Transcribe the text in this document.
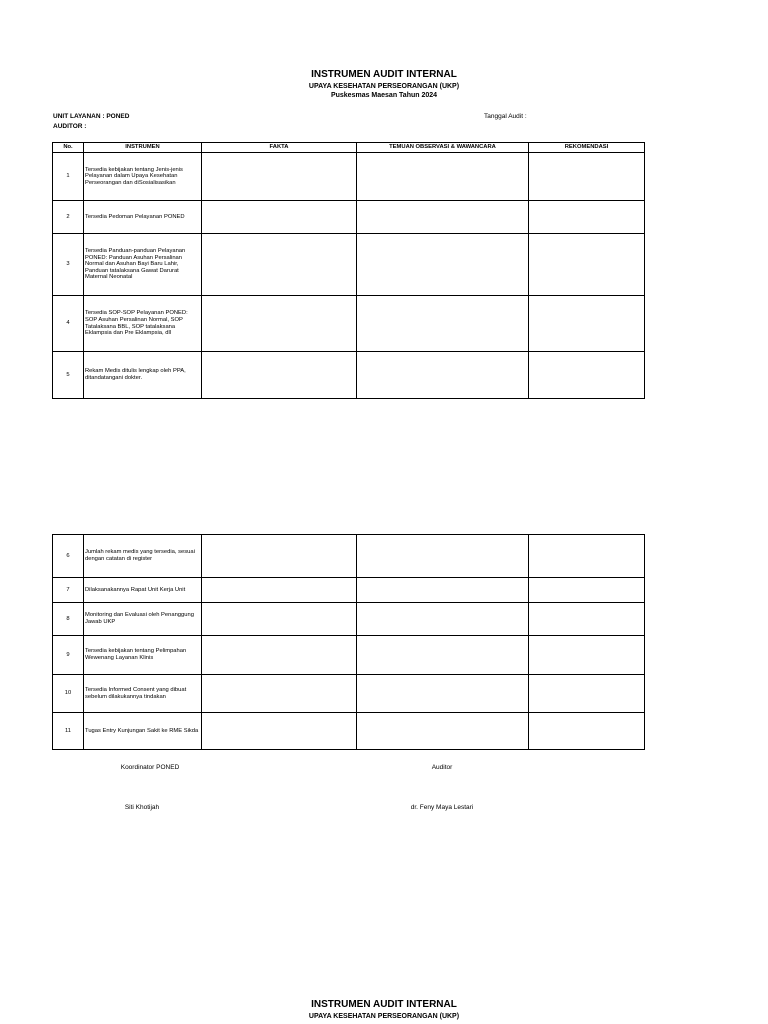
INSTRUMEN AUDIT INTERNAL
UPAYA KESEHATAN PERSEORANGAN (UKP)
Puskesmas Maesan Tahun 2024
UNIT LAYANAN : PONED
AUDITOR :
Tanggal Audit :
No.	INSTRUMEN	FAKTA	TEMUAN OBSERVASI & WAWANCARA	REKOMENDASI
1	Tersedia kebijakan tentang Jenis-jenis Pelayanan dalam Upaya Kesehatan Perseorangan dan diSosialisasikan			
2	Tersedia Pedoman Pelayanan PONED			
3	Tersedia Panduan-panduan Pelayanan PONED: Panduan Asuhan Persalinan Normal dan Asuhan Bayi Baru Lahir, Panduan tatalaksana Gawat Darurat Maternal Neonatal			
4	Tersedia SOP-SOP Pelayanan PONED: SOP Asuhan Persalinan Normal, SOP Tatalaksana BBL, SOP tatalaksana Eklampsia dan Pre Eklampsia, dll			
5	Rekam Medis ditulis lengkap oleh PPA, ditandatangani dokter.			
6	Jumlah rekam medis yang tersedia, sesuai dengan catatan di register			
7	Dilaksanakannya Rapat Unit Kerja Unit			
8	Monitoring dan Evaluasi oleh Penanggung Jawab UKP			
9	Tersedia kebijakan tentang Pelimpahan Wewenang Layanan Klinis			
10	Tersedia Informed Consent yang dibuat sebelum dilakukannya tindakan			
11	Tugas Entry Kunjungan Sakit ke RME Sikda			
Koordinator PONED	Auditor
Siti Khotijah	dr. Feny Maya Lestari
INSTRUMEN AUDIT INTERNAL
UPAYA KESEHATAN PERSEORANGAN (UKP)
